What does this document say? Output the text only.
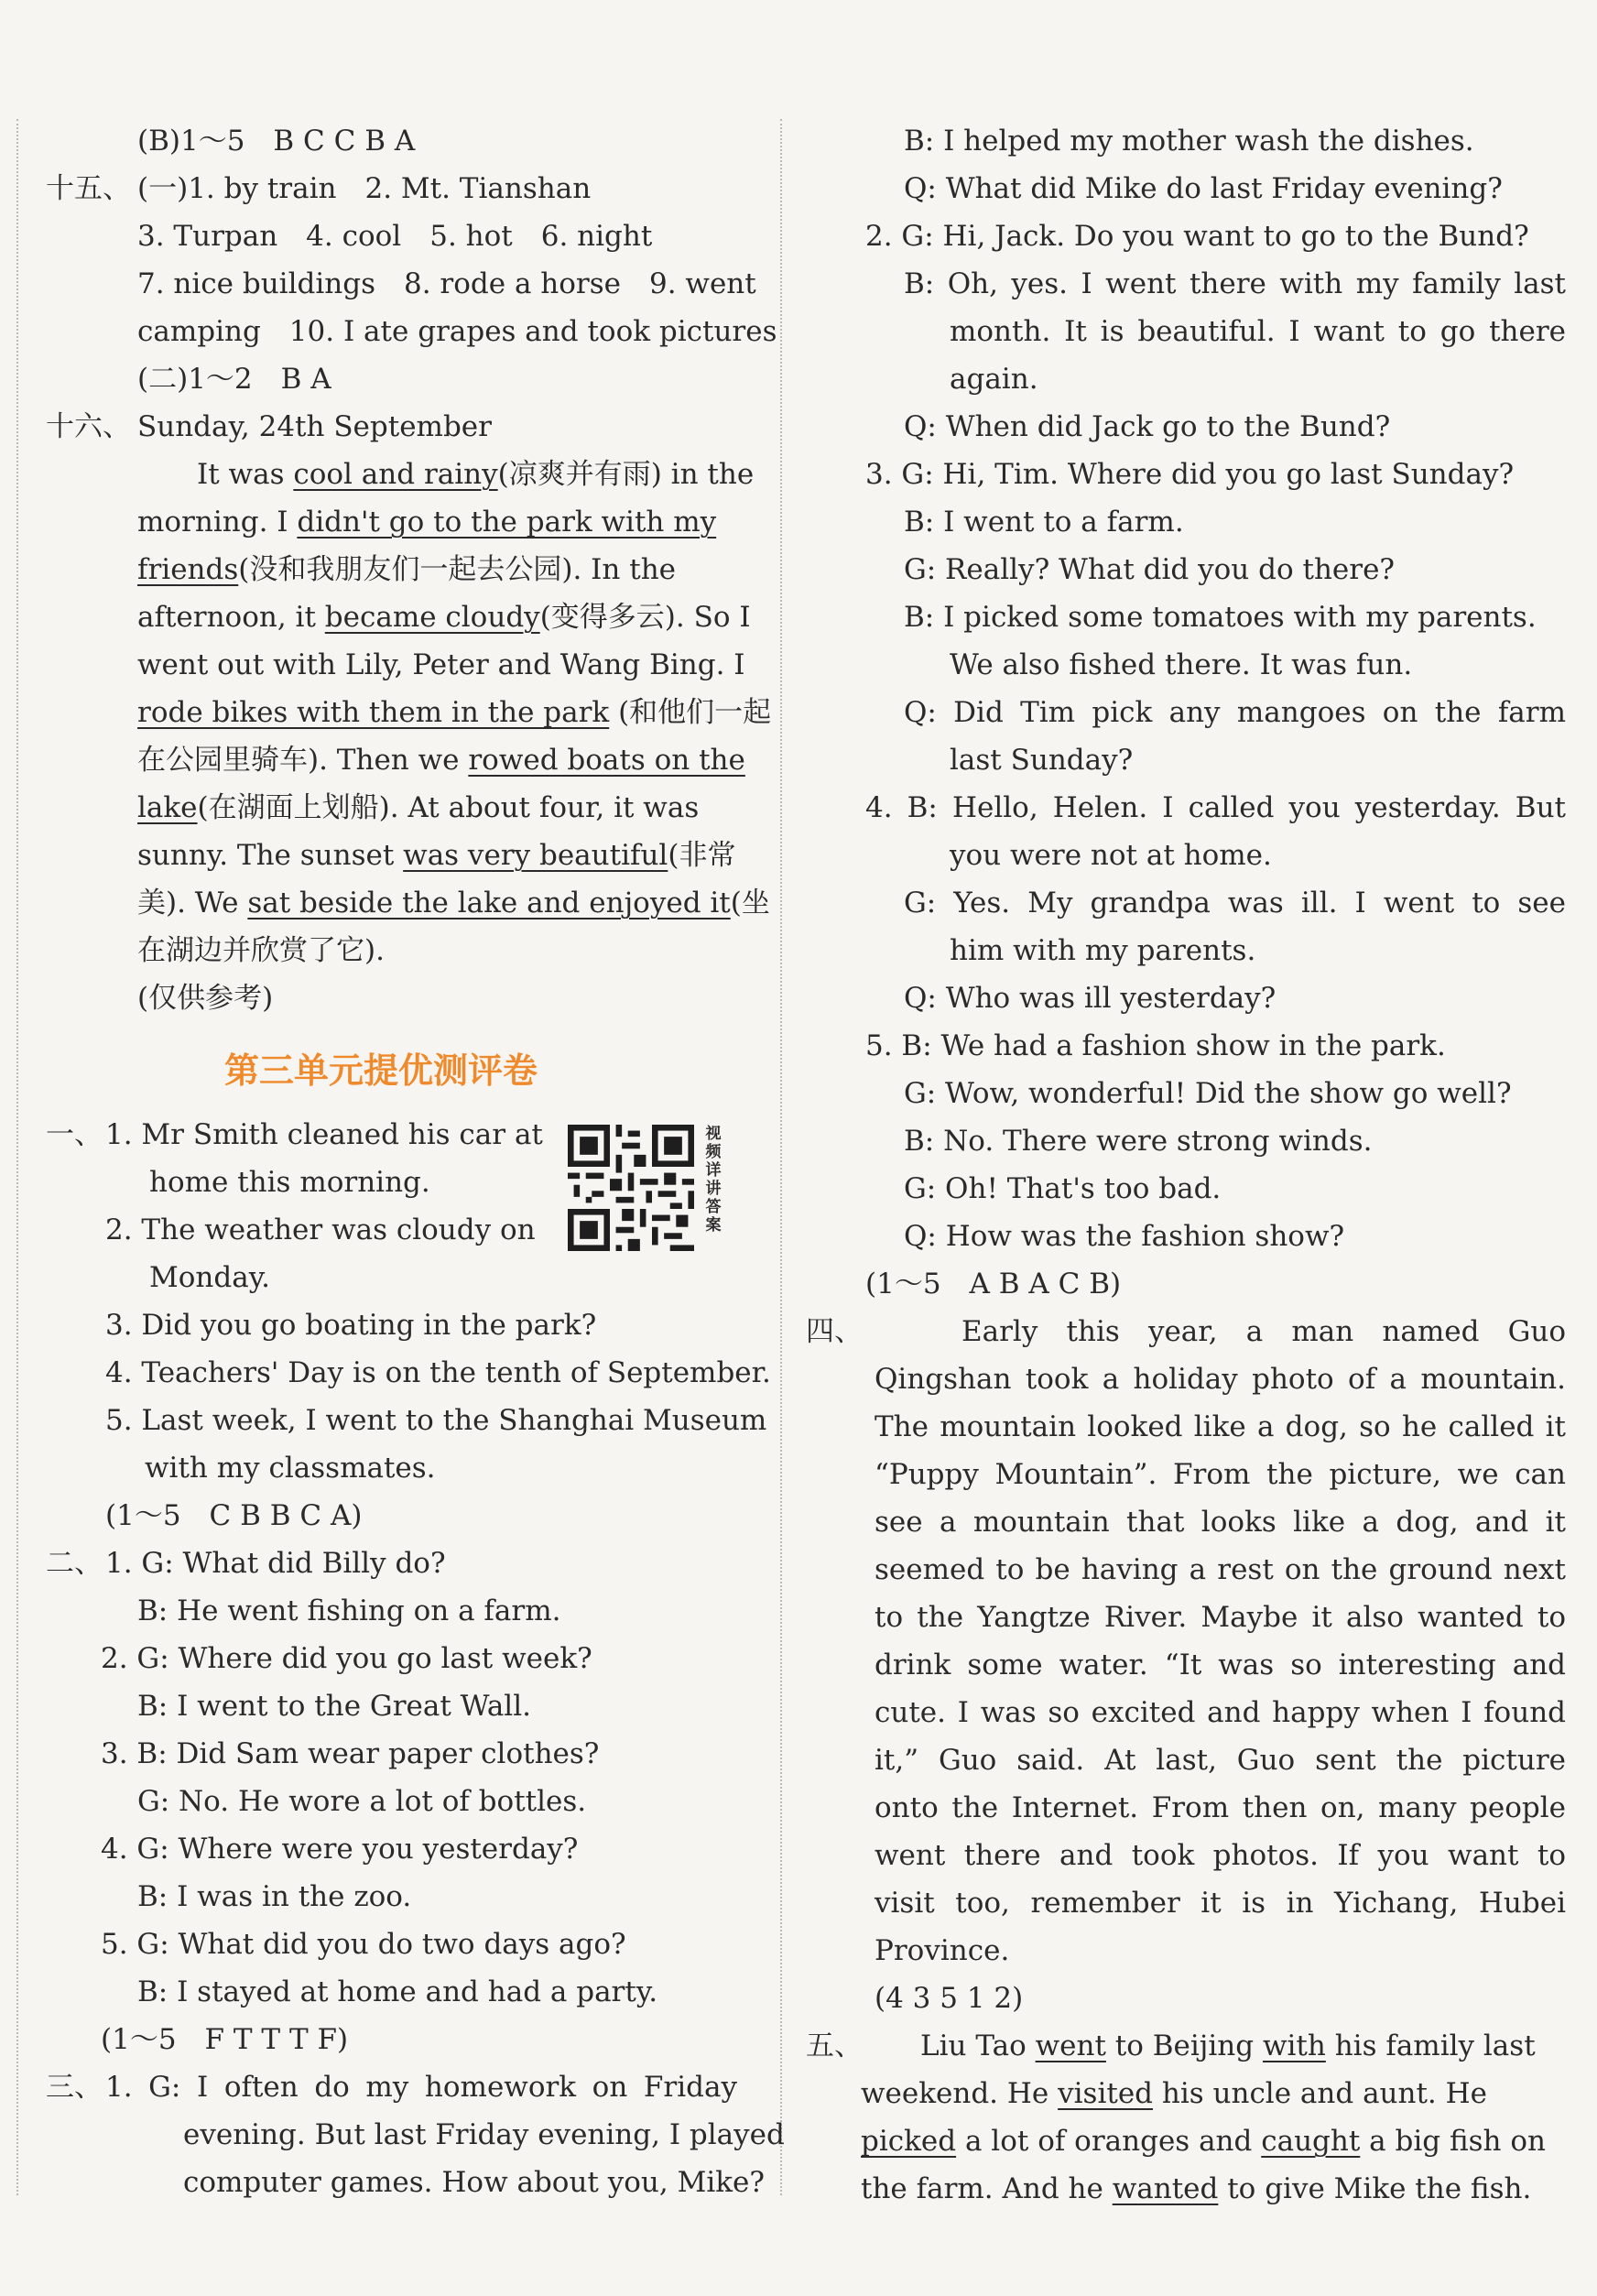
(B)1～5　B C C B A
十五、 (一)1. by train　2. Mt. Tianshan
3. Turpan　4. cool　5. hot　6. night
7. nice buildings　8. rode a horse　9. went
camping　10. I ate grapes and took pictures
(二)1～2　B A
十六、 Sunday, 24th September
It was cool and rainy(凉爽并有雨) in the
morning. I didn't go to the park with my
friends(没和我朋友们一起去公园). In the
afternoon, it became cloudy(变得多云). So I
went out with Lily, Peter and Wang Bing. I
rode bikes with them in the park (和他们一起
在公园里骑车). Then we rowed boats on the
lake(在湖面上划船). At about four, it was
sunny. The sunset was very beautiful(非常
美). We sat beside the lake and enjoyed it(坐
在湖边并欣赏了它).
(仅供参考)
第三单元提优测评卷
一、 1. Mr Smith cleaned his car at
home this morning.
2. The weather was cloudy on
Monday.
视频详讲答案
3. Did you go boating in the park?
4. Teachers' Day is on the tenth of September.
5. Last week, I went to the Shanghai Museum
with my classmates.
(1～5　C B B C A)
二、 1. G: What did Billy do?
B: He went fishing on a farm.
2. G: Where did you go last week?
B: I went to the Great Wall.
3. B: Did Sam wear paper clothes?
G: No. He wore a lot of bottles.
4. G: Where were you yesterday?
B: I was in the zoo.
5. G: What did you do two days ago?
B: I stayed at home and had a party.
(1～5　F T T T F)
三、 1. G: I often do my homework on Friday
evening. But last Friday evening, I played
computer games. How about you, Mike?
B: I helped my mother wash the dishes.
Q: What did Mike do last Friday evening?
2. G: Hi, Jack. Do you want to go to the Bund?
B: Oh, yes. I went there with my family last
month. It is beautiful. I want to go there
again.
Q: When did Jack go to the Bund?
3. G: Hi, Tim. Where did you go last Sunday?
B: I went to a farm.
G: Really? What did you do there?
B: I picked some tomatoes with my parents.
We also fished there. It was fun.
Q: Did Tim pick any mangoes on the farm
last Sunday?
4. B: Hello, Helen. I called you yesterday. But
you were not at home.
G: Yes. My grandpa was ill. I went to see
him with my parents.
Q: Who was ill yesterday?
5. B: We had a fashion show in the park.
G: Wow, wonderful! Did the show go well?
B: No. There were strong winds.
G: Oh! That's too bad.
Q: How was the fashion show?
(1～5　A B A C B)
四、	Early this year, a man named Guo
Qingshan took a holiday photo of a mountain.
The mountain looked like a dog, so he called it
“Puppy Mountain”. From the picture, we can
see a mountain that looks like a dog, and it
seemed to be having a rest on the ground next
to the Yangtze River. Maybe it also wanted to
drink some water. “It was so interesting and
cute. I was so excited and happy when I found
it,” Guo said. At last, Guo sent the picture
onto the Internet. From then on, many people
went there and took photos. If you want to
visit too, remember it is in Yichang, Hubei
Province.
(4 3 5 1 2)
五、 Liu Tao went to Beijing with his family last
weekend. He visited his uncle and aunt. He
picked a lot of oranges and caught a big fish on
the farm. And he wanted to give Mike the fish.
